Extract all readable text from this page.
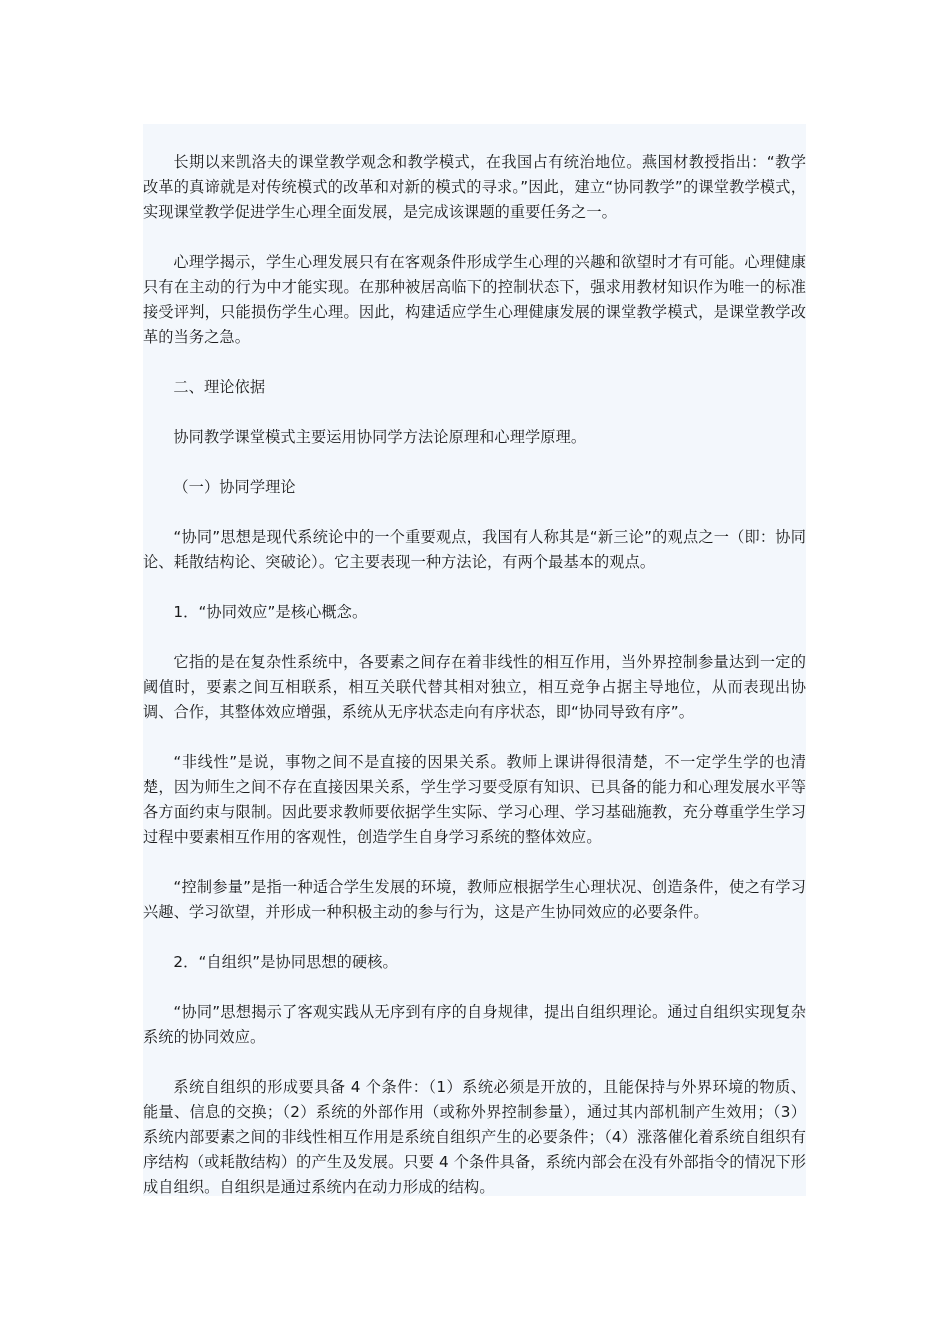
长期以来凯洛夫的课堂教学观念和教学模式，在我国占有统治地位。燕国材教授指出：“教学改革的真谛就是对传统模式的改革和对新的模式的寻求。”因此，建立“协同教学”的课堂教学模式，实现课堂教学促进学生心理全面发展，是完成该课题的重要任务之一。

心理学揭示，学生心理发展只有在客观条件形成学生心理的兴趣和欲望时才有可能。心理健康只有在主动的行为中才能实现。在那种被居高临下的控制状态下，强求用教材知识作为唯一的标准接受评判，只能损伤学生心理。因此，构建适应学生心理健康发展的课堂教学模式，是课堂教学改革的当务之急。

二、理论依据

协同教学课堂模式主要运用协同学方法论原理和心理学原理。

（一）协同学理论

“协同”思想是现代系统论中的一个重要观点，我国有人称其是“新三论”的观点之一（即：协同论、耗散结构论、突破论）。它主要表现一种方法论，有两个最基本的观点。

1．“协同效应”是核心概念。

它指的是在复杂性系统中，各要素之间存在着非线性的相互作用，当外界控制参量达到一定的阈值时，要素之间互相联系，相互关联代替其相对独立，相互竞争占据主导地位，从而表现出协调、合作，其整体效应增强，系统从无序状态走向有序状态，即“协同导致有序”。

“非线性”是说，事物之间不是直接的因果关系。教师上课讲得很清楚，不一定学生学的也清楚，因为师生之间不存在直接因果关系，学生学习要受原有知识、已具备的能力和心理发展水平等各方面约束与限制。因此要求教师要依据学生实际、学习心理、学习基础施教，充分尊重学生学习过程中要素相互作用的客观性，创造学生自身学习系统的整体效应。

“控制参量”是指一种适合学生发展的环境，教师应根据学生心理状况、创造条件，使之有学习兴趣、学习欲望，并形成一种积极主动的参与行为，这是产生协同效应的必要条件。

2．“自组织”是协同思想的硬核。

“协同”思想揭示了客观实践从无序到有序的自身规律，提出自组织理论。通过自组织实现复杂系统的协同效应。

系统自组织的形成要具备 4 个条件：（1）系统必须是开放的，且能保持与外界环境的物质、能量、信息的交换；（2）系统的外部作用（或称外界控制参量），通过其内部机制产生效用；（3）系统内部要素之间的非线性相互作用是系统自组织产生的必要条件；（4）涨落催化着系统自组织有序结构（或耗散结构）的产生及发展。只要 4 个条件具备，系统内部会在没有外部指令的情况下形成自组织。自组织是通过系统内在动力形成的结构。
